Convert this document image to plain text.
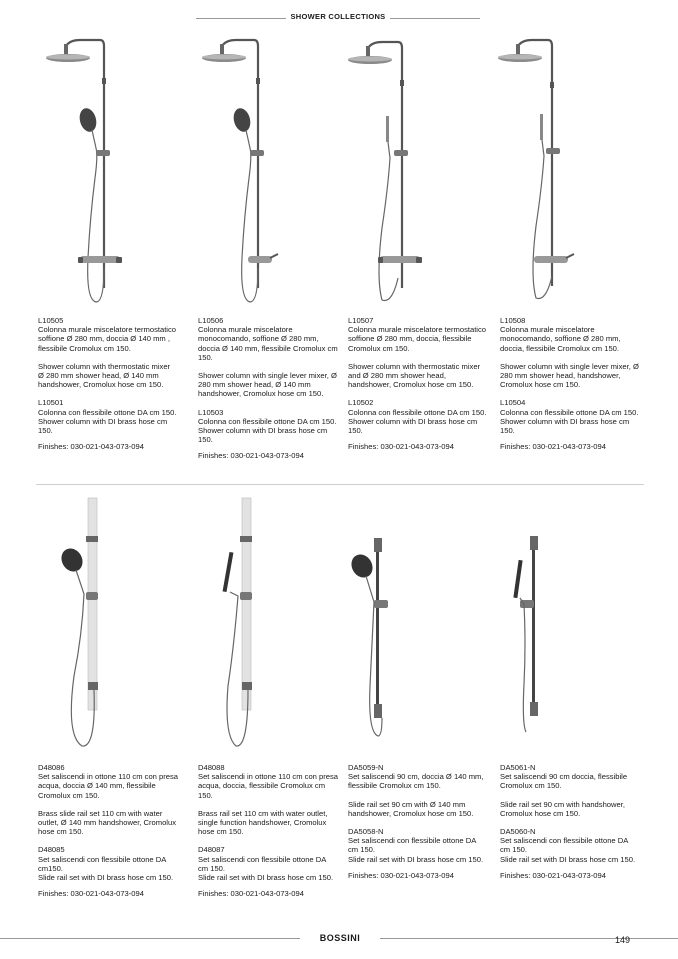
SHOWER COLLECTIONS

L10505

Colonna murale miscelatore termostatico soffione Ø 280 mm, doccia Ø 140 mm , flessibile Cromolux cm 150.

Shower column with thermostatic mixer Ø 280 mm shower head, Ø 140 mm handshower, Cromolux hose cm 150.

L10501

Colonna con flessibile ottone DA cm 150.

Shower column with DI brass hose cm 150.

Finishes: 030-021-043-073-094

L10506

Colonna murale miscelatore monocomando, soffione Ø 280 mm, doccia Ø 140 mm, flessibile Cromolux cm 150.

Shower column with single lever mixer, Ø 280 mm shower head, Ø 140 mm handshower, Cromolux hose cm 150.

L10503

Colonna con flessibile ottone DA cm 150.

Shower column with DI brass hose cm 150.

Finishes: 030-021-043-073-094

L10507

Colonna murale miscelatore termostatico soffione Ø 280 mm, doccia, flessibile Cromolux cm 150.

Shower column with thermostatic mixer and Ø 280 mm shower head, handshower, Cromolux hose cm 150.

L10502

Colonna con flessibile ottone DA cm 150.

Shower column with DI brass hose cm 150.

Finishes: 030-021-043-073-094

L10508

Colonna murale miscelatore monocomando, soffione Ø 280 mm, doccia, flessibile Cromolux cm 150.

Shower column with single lever mixer, Ø 280 mm shower head, handshower, Cromolux hose cm 150.

L10504

Colonna con flessibile ottone DA cm 150.

Shower column with DI brass hose cm 150.

Finishes: 030-021-043-073-094

D48086

Set saliscendi in ottone 110 cm con presa acqua, doccia Ø 140 mm, flessibile Cromolux cm 150.

Brass slide rail set 110 cm with water outlet, Ø 140 mm handshower, Cromolux hose cm 150.

D48085

Set saliscendi con flessibile ottone DA cm150.

Slide rail set with DI brass hose cm 150.

Finishes: 030-021-043-073-094

D48088

Set saliscendi in ottone 110 cm con presa acqua, doccia, flessibile Cromolux cm 150.

Brass rail set 110 cm with water outlet, single function handshower, Cromolux hose cm 150.

D48087

Set saliscendi con flessibile ottone DA cm 150.

Slide rail set with DI brass hose cm 150.

Finishes: 030-021-043-073-094

DA5059-N

Set saliscendi 90 cm, doccia Ø 140 mm, flessibile Cromolux cm 150.

Slide rail set 90 cm with Ø 140 mm handshower, Cromolux hose cm 150.

DA5058-N

Set saliscendi con flessibile ottone DA cm 150.

Slide rail set with DI brass hose cm 150.

Finishes: 030-021-043-073-094

DA5061-N

Set saliscendi 90 cm doccia, flessibile Cromolux cm 150.

Slide rail set 90 cm with handshower, Cromolux hose cm 150.

DA5060-N

Set saliscendi con flessibile ottone DA cm 150.

Slide rail set with DI brass hose cm 150.

Finishes: 030-021-043-073-094

BOSSINI	149
